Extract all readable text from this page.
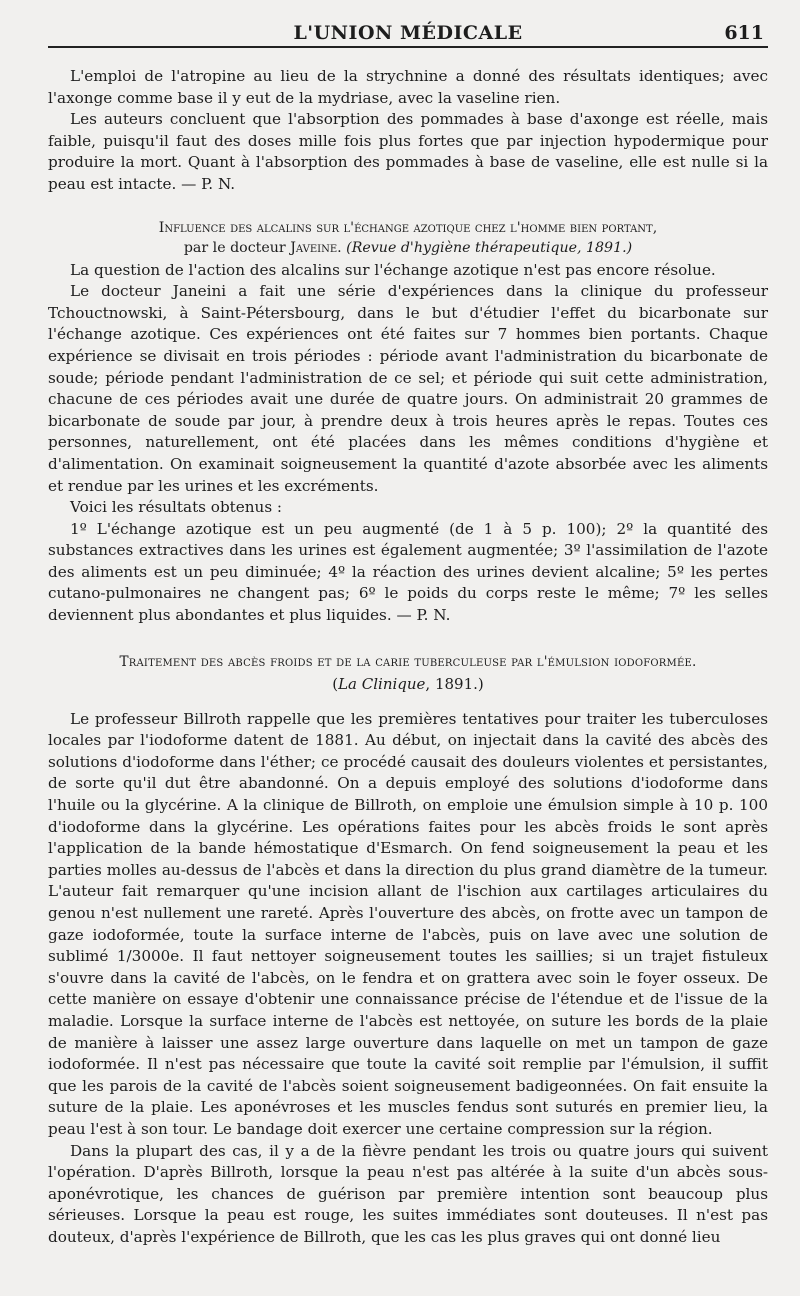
L'UNION MÉDICALE	611

L'emploi de l'atropine au lieu de la strychnine a donné des résultats identiques; avec l'axonge comme base il y eut de la mydriase, avec la vaseline rien.

Les auteurs concluent que l'absorption des pommades à base d'axonge est réelle, mais faible, puisqu'il faut des doses mille fois plus fortes que par injection hypodermique pour produire la mort. Quant à l'absorption des pommades à base de vaseline, elle est nulle si la peau est intacte. — P. N.

Influence des alcalins sur l'échange azotique chez l'homme bien portant,
par le docteur Javeine. (Revue d'hygiène thérapeutique, 1891.)

La question de l'action des alcalins sur l'échange azotique n'est pas encore résolue.

Le docteur Janeini a fait une série d'expériences dans la clinique du professeur Tchouctnowski, à Saint-Pétersbourg, dans le but d'étudier l'effet du bicarbonate sur l'échange azotique. Ces expériences ont été faites sur 7 hommes bien portants. Chaque expérience se divisait en trois périodes : période avant l'administration du bicarbonate de soude; période pendant l'administration de ce sel; et période qui suit cette administration, chacune de ces périodes avait une durée de quatre jours. On administrait 20 grammes de bicarbonate de soude par jour, à prendre deux à trois heures après le repas. Toutes ces personnes, naturellement, ont été placées dans les mêmes conditions d'hygiène et d'alimentation. On examinait soigneusement la quantité d'azote absorbée avec les aliments et rendue par les urines et les excréments.

Voici les résultats obtenus :

1º L'échange azotique est un peu augmenté (de 1 à 5 p. 100); 2º la quantité des substances extractives dans les urines est également augmentée; 3º l'assimilation de l'azote des aliments est un peu diminuée; 4º la réaction des urines devient alcaline; 5º les pertes cutano-pulmonaires ne changent pas; 6º le poids du corps reste le même; 7º les selles deviennent plus abondantes et plus liquides. — P. N.

Traitement des abcès froids et de la carie tuberculeuse par l'émulsion iodoformée.
(La Clinique, 1891.)

Le professeur Billroth rappelle que les premières tentatives pour traiter les tuberculoses locales par l'iodoforme datent de 1881. Au début, on injectait dans la cavité des abcès des solutions d'iodoforme dans l'éther; ce procédé causait des douleurs violentes et persistantes, de sorte qu'il dut être abandonné. On a depuis employé des solutions d'iodoforme dans l'huile ou la glycérine. A la clinique de Billroth, on emploie une émulsion simple à 10 p. 100 d'iodoforme dans la glycérine. Les opérations faites pour les abcès froids le sont après l'application de la bande hémostatique d'Esmarch. On fend soigneusement la peau et les parties molles au-dessus de l'abcès et dans la direction du plus grand diamètre de la tumeur. L'auteur fait remarquer qu'une incision allant de l'ischion aux cartilages articulaires du genou n'est nullement une rareté. Après l'ouverture des abcès, on frotte avec un tampon de gaze iodoformée, toute la surface interne de l'abcès, puis on lave avec une solution de sublimé 1/3000e. Il faut nettoyer soigneusement toutes les saillies; si un trajet fistuleux s'ouvre dans la cavité de l'abcès, on le fendra et on grattera avec soin le foyer osseux. De cette manière on essaye d'obtenir une connaissance précise de l'étendue et de l'issue de la maladie. Lorsque la surface interne de l'abcès est nettoyée, on suture les bords de la plaie de manière à laisser une assez large ouverture dans laquelle on met un tampon de gaze iodoformée. Il n'est pas nécessaire que toute la cavité soit remplie par l'émulsion, il suffit que les parois de la cavité de l'abcès soient soigneusement badigeonnées. On fait ensuite la suture de la plaie. Les aponévroses et les muscles fendus sont suturés en premier lieu, la peau l'est à son tour. Le bandage doit exercer une certaine compression sur la région.

Dans la plupart des cas, il y a de la fièvre pendant les trois ou quatre jours qui suivent l'opération. D'après Billroth, lorsque la peau n'est pas altérée à la suite d'un abcès sous-aponévrotique, les chances de guérison par première intention sont beaucoup plus sérieuses. Lorsque la peau est rouge, les suites immédiates sont douteuses. Il n'est pas douteux, d'après l'expérience de Billroth, que les cas les plus graves qui ont donné lieu
